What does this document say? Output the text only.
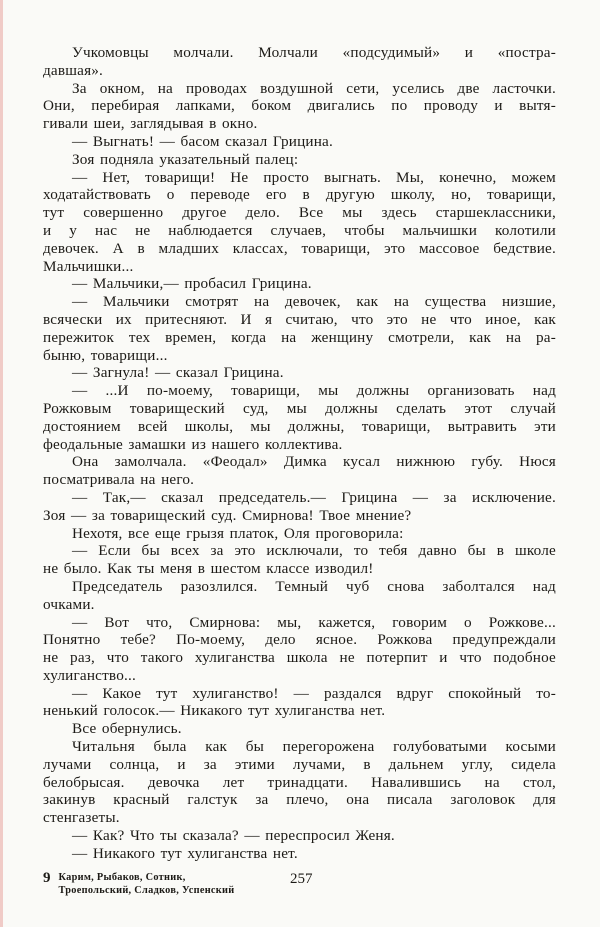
Учкомовцы молчали. Молчали «подсудимый» и «постра-
давшая».
За окном, на проводах воздушной сети, уселись две ласточки.
Они, перебирая лапками, боком двигались по проводу и вытя-
гивали шеи, заглядывая в окно.
— Выгнать! — басом сказал Грицина.
Зоя подняла указательный палец:
— Нет, товарищи! Не просто выгнать. Мы, конечно, можем
ходатайствовать о переводе его в другую школу, но, товарищи,
тут совершенно другое дело. Все мы здесь старшеклассники,
и у нас не наблюдается случаев, чтобы мальчишки колотили
девочек. А в младших классах, товарищи, это массовое бедствие.
Мальчишки...
— Мальчики,— пробасил Грицина.
— Мальчики смотрят на девочек, как на существа низшие,
всячески их притесняют. И я считаю, что это не что иное, как
пережиток тех времен, когда на женщину смотрели, как на ра-
быню, товарищи...
— Загнула! — сказал Грицина.
— ...И по-моему, товарищи, мы должны организовать над
Рожковым товарищеский суд, мы должны сделать этот случай
достоянием всей школы, мы должны, товарищи, вытравить эти
феодальные замашки из нашего коллектива.
Она замолчала. «Феодал» Димка кусал нижнюю губу. Нюся
посматривала на него.
— Так,— сказал председатель.— Грицина — за исключение.
Зоя — за товарищеский суд. Смирнова! Твое мнение?
Нехотя, все еще грызя платок, Оля проговорила:
— Если бы всех за это исключали, то тебя давно бы в школе
не было. Как ты меня в шестом классе изводил!
Председатель разозлился. Темный чуб снова заболтался над
очками.
— Вот что, Смирнова: мы, кажется, говорим о Рожкове...
Понятно тебе? По-моему, дело ясное. Рожкова предупреждали
не раз, что такого хулиганства школа не потерпит и что подобное
хулиганство...
— Какое тут хулиганство! — раздался вдруг спокойный то-
ненький голосок.— Никакого тут хулиганства нет.
Все обернулись.
Читальня была как бы перегорожена голубоватыми косыми
лучами солнца, и за этими лучами, в дальнем углу, сидела
белобрысая. девочка лет тринадцати. Навалившись на стол,
закинув красный галстук за плечо, она писала заголовок для
стенгазеты.
— Как? Что ты сказала? — переспросил Женя.
— Никакого тут хулиганства нет.
9 Карим, Рыбаков, Сотник,
Троепольский, Сладков, Успенский
257
